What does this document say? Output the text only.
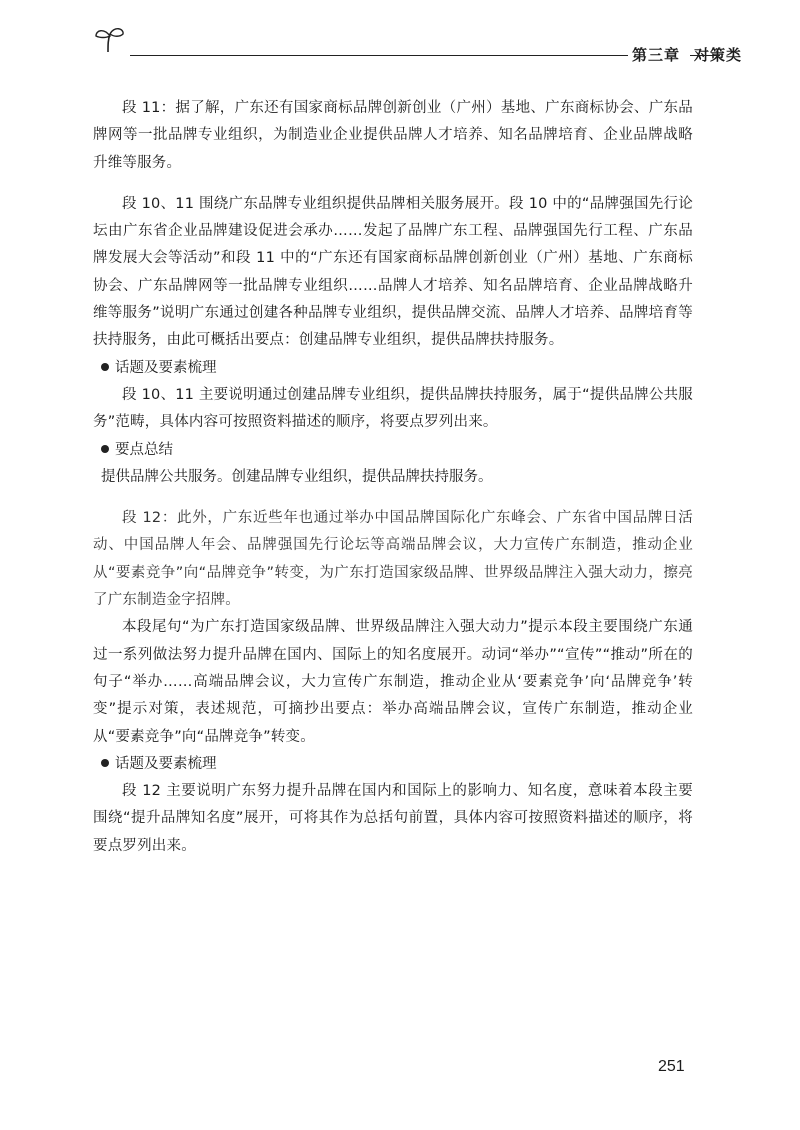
第三章 对策类

段 11：据了解，广东还有国家商标品牌创新创业（广州）基地、广东商标协会、广东品牌网等一批品牌专业组织，为制造业企业提供品牌人才培养、知名品牌培育、企业品牌战略升维等服务。

段 10、11 围绕广东品牌专业组织提供品牌相关服务展开。段 10 中的“品牌强国先行论坛由广东省企业品牌建设促进会承办……发起了品牌广东工程、品牌强国先行工程、广东品牌发展大会等活动”和段 11 中的“广东还有国家商标品牌创新创业（广州）基地、广东商标协会、广东品牌网等一批品牌专业组织……品牌人才培养、知名品牌培育、企业品牌战略升维等服务”说明广东通过创建各种品牌专业组织，提供品牌交流、品牌人才培养、品牌培育等扶持服务，由此可概括出要点：创建品牌专业组织，提供品牌扶持服务。

话题及要素梳理

段 10、11 主要说明通过创建品牌专业组织，提供品牌扶持服务，属于“提供品牌公共服务”范畴，具体内容可按照资料描述的顺序，将要点罗列出来。

要点总结

提供品牌公共服务。创建品牌专业组织，提供品牌扶持服务。

段 12：此外，广东近些年也通过举办中国品牌国际化广东峰会、广东省中国品牌日活动、中国品牌人年会、品牌强国先行论坛等高端品牌会议，大力宣传广东制造，推动企业从“要素竞争”向“品牌竞争”转变，为广东打造国家级品牌、世界级品牌注入强大动力，擦亮了广东制造金字招牌。

本段尾句“为广东打造国家级品牌、世界级品牌注入强大动力”提示本段主要围绕广东通过一系列做法努力提升品牌在国内、国际上的知名度展开。动词“举办”“宣传”“推动”所在的句子“举办……高端品牌会议，大力宣传广东制造，推动企业从‘要素竞争’向‘品牌竞争’转变”提示对策，表述规范，可摘抄出要点：举办高端品牌会议，宣传广东制造，推动企业从“要素竞争”向“品牌竞争”转变。

话题及要素梳理

段 12 主要说明广东努力提升品牌在国内和国际上的影响力、知名度，意味着本段主要围绕“提升品牌知名度”展开，可将其作为总括句前置，具体内容可按照资料描述的顺序，将要点罗列出来。

251
